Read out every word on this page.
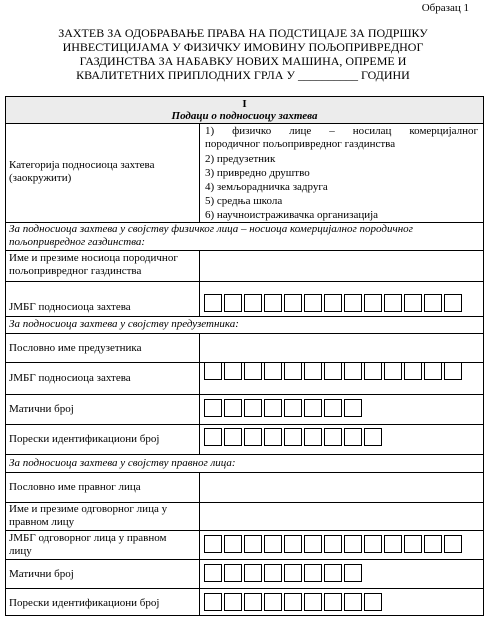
Образац 1
ЗАХТЕВ ЗА ОДОБРАВАЊЕ ПРАВА НА ПОДСТИЦАЈЕ ЗА ПОДРШКУ
ИНВЕСТИЦИЈАМА У ФИЗИЧКУ ИМОВИНУ ПОЉОПРИВРЕДНОГ
ГАЗДИНСТВА ЗА НАБАВКУ НОВИХ МАШИНА, ОПРЕМЕ И
КВАЛИТЕТНИХ ПРИПЛОДНИХ ГРЛА У __________ ГОДИНИ
I
Подаци о подносиоцу захтева
Категорија подносиоца захтева
(заокружити)
1) физичко лице – носилац комерцијалног
породичног пољопривредног газдинства
2) предузетник
3) привредно друштво
4) земљорадничка задруга
5) средња школа
6) научноистраживачка организација
За подносиоца захтева у својству физичког лица – носиоца комерцијалног породичног
пољопривредног газдинства:
Име и презиме носиоца породичног
пољопривредног газдинства
ЈМБГ подносиоца захтева
За подносиоца захтева у својству предузетника:
Пословно име предузетника
ЈМБГ подносиоца захтева
Матични број
Порески идентификациони број
За подносиоца захтева у својству правног лица:
Пословно име правног лица
Име и презиме одговорног лица у
правном лицу
ЈМБГ одговорног лица у правном
лицу
Матични број
Порески идентификациони број
